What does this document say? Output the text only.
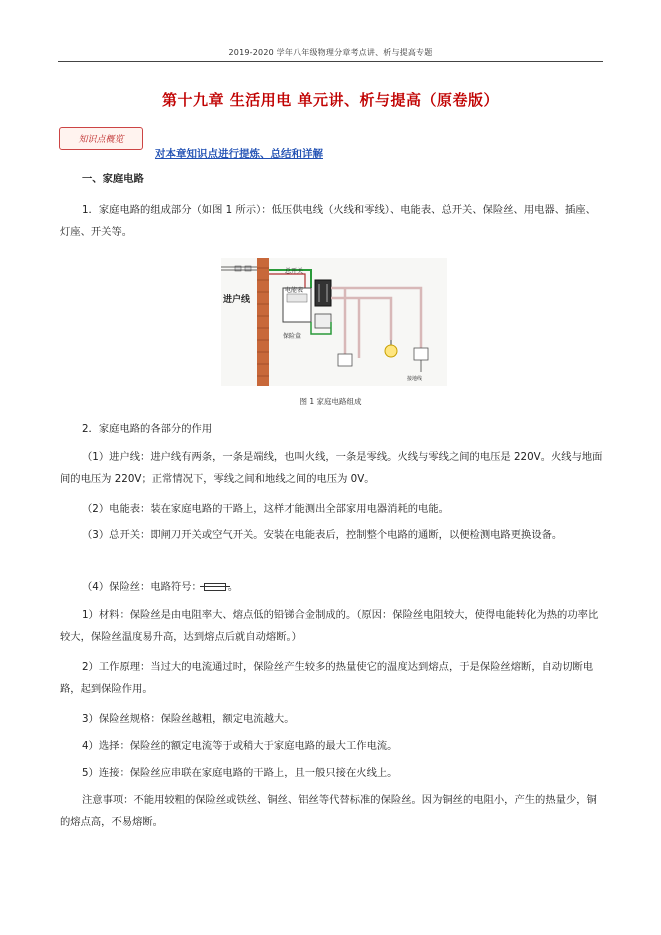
2019-2020 学年八年级物理分章考点讲、析与提高专题
第十九章 生活用电 单元讲、析与提高（原卷版）
知识点概览
对本章知识点进行提炼、总结和详解
一、家庭电路
1．家庭电路的组成部分（如图 1 所示）：低压供电线（火线和零线）、电能表、总开关、保险丝、用电器、插座、灯座、开关等。
进户线
总开关
电能表
保险盒
接地线
图 1 家庭电路组成
2．家庭电路的各部分的作用
（1）进户线：进户线有两条，一条是端线，也叫火线，一条是零线。火线与零线之间的电压是 220V。火线与地面间的电压为 220V；正常情况下，零线之间和地线之间的电压为 0V。
（2）电能表：装在家庭电路的干路上，这样才能测出全部家用电器消耗的电能。
（3）总开关：即闸刀开关或空气开关。安装在电能表后，控制整个电路的通断，以便检测电路更换设备。
（4）保险丝：电路符号：	。
1）材料：保险丝是由电阻率大、熔点低的铅锑合金制成的。（原因：保险丝电阻较大，使得电能转化为热的功率比较大，保险丝温度易升高，达到熔点后就自动熔断。）
2）工作原理：当过大的电流通过时，保险丝产生较多的热量使它的温度达到熔点，于是保险丝熔断，自动切断电路，起到保险作用。
3）保险丝规格：保险丝越粗，额定电流越大。
4）选择：保险丝的额定电流等于或稍大于家庭电路的最大工作电流。
5）连接：保险丝应串联在家庭电路的干路上，且一般只接在火线上。
注意事项：不能用较粗的保险丝或铁丝、铜丝、铝丝等代替标准的保险丝。因为铜丝的电阻小，产生的热量少，铜的熔点高，不易熔断。
